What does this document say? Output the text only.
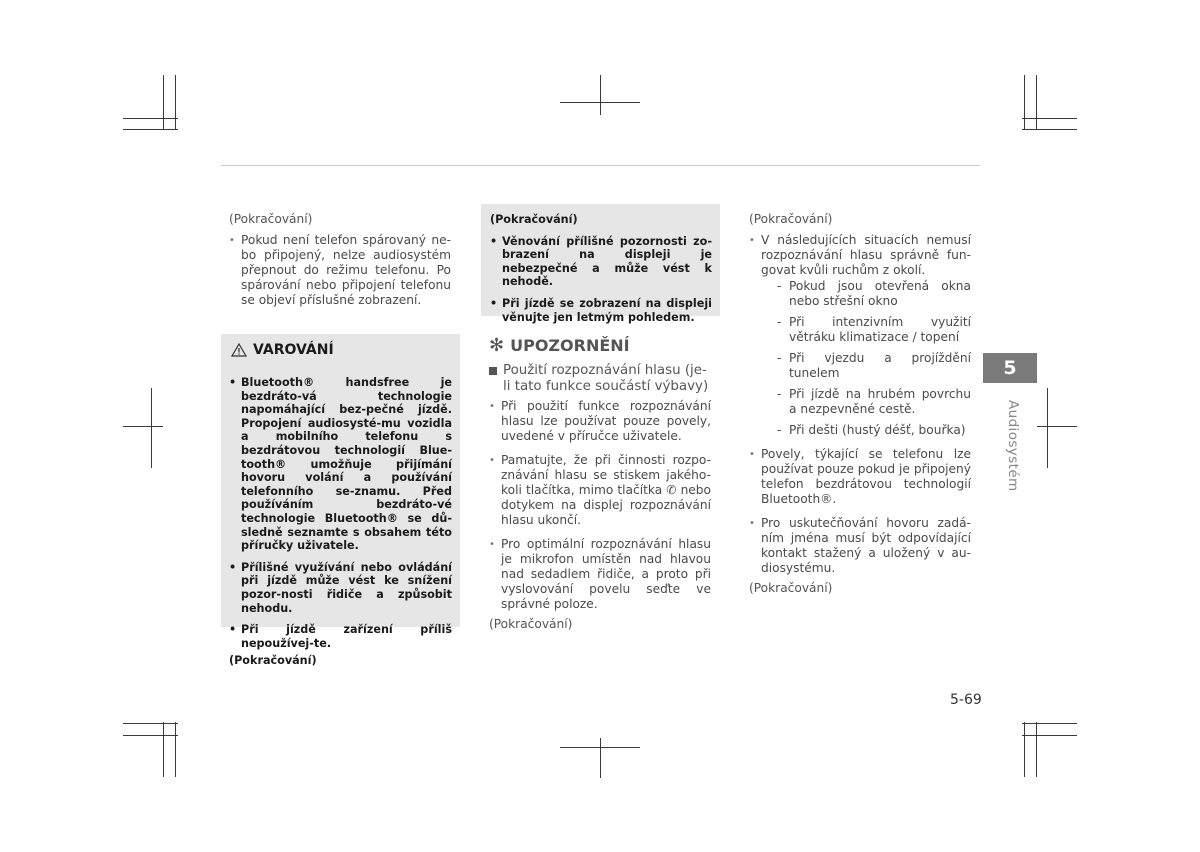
(Pokračování)
• Pokud není telefon spárovaný ne-bo připojený, nelze audiosystém přepnout do režimu telefonu. Po spárování nebo připojení telefonu se objeví příslušné zobrazení.
VAROVÁNÍ
• Bluetooth® handsfree je bezdráto-vá technologie napomáhající bez-pečné jízdě. Propojení audiosysté-mu vozidla a mobilního telefonu s bezdrátovou technologií Blue-tooth® umožňuje přijímání hovoru volání a používání telefonního se-znamu. Před používáním bezdráto-vé technologie Bluetooth® se dů-sledně seznamte s obsahem této příručky uživatele.
• Přílišné využívání nebo ovládání při jízdě může vést ke snížení pozor-nosti řidiče a způsobit nehodu.
• Při jízdě zařízení příliš nepoužívej-te.
(Pokračování)
(Pokračování)
• Věnování přílišné pozornosti zo-brazení na displeji je nebezpečné a může vést k nehodě.
• Při jízdě se zobrazení na displeji věnujte jen letmým pohledem.
✻ UPOZORNĚNÍ
Použití rozpoznávání hlasu (je-li tato funkce součástí výbavy)
• Při použití funkce rozpoznávání hlasu lze používat pouze povely, uvedené v příručce uživatele.
• Pamatujte, že při činnosti rozpo-znávání hlasu se stiskem jakého-koli tlačítka, mimo tlačítka ✆ nebo dotykem na displej rozpoznávání hlasu ukončí.
• Pro optimální rozpoznávání hlasu je mikrofon umístěn nad hlavou nad sedadlem řidiče, a proto při vyslovování povelu seďte ve správné poloze.
(Pokračování)
(Pokračování)
• V následujících situacích nemusí rozpoznávání hlasu správně fun-govat kvůli ruchům z okolí.
- Pokud jsou otevřená okna nebo střešní okno
- Při intenzivním využití větráku klimatizace / topení
- Při vjezdu a projíždění tunelem
- Při jízdě na hrubém povrchu a nezpevněné cestě.
- Při dešti (hustý déšť, bouřka)
• Povely, týkající se telefonu lze používat pouze pokud je připojený telefon bezdrátovou technologií Bluetooth®.
• Pro uskutečňování hovoru zadá-ním jména musí být odpovídající kontakt stažený a uložený v au-diosystému.
(Pokračování)
5
Audiosystém
5-69
